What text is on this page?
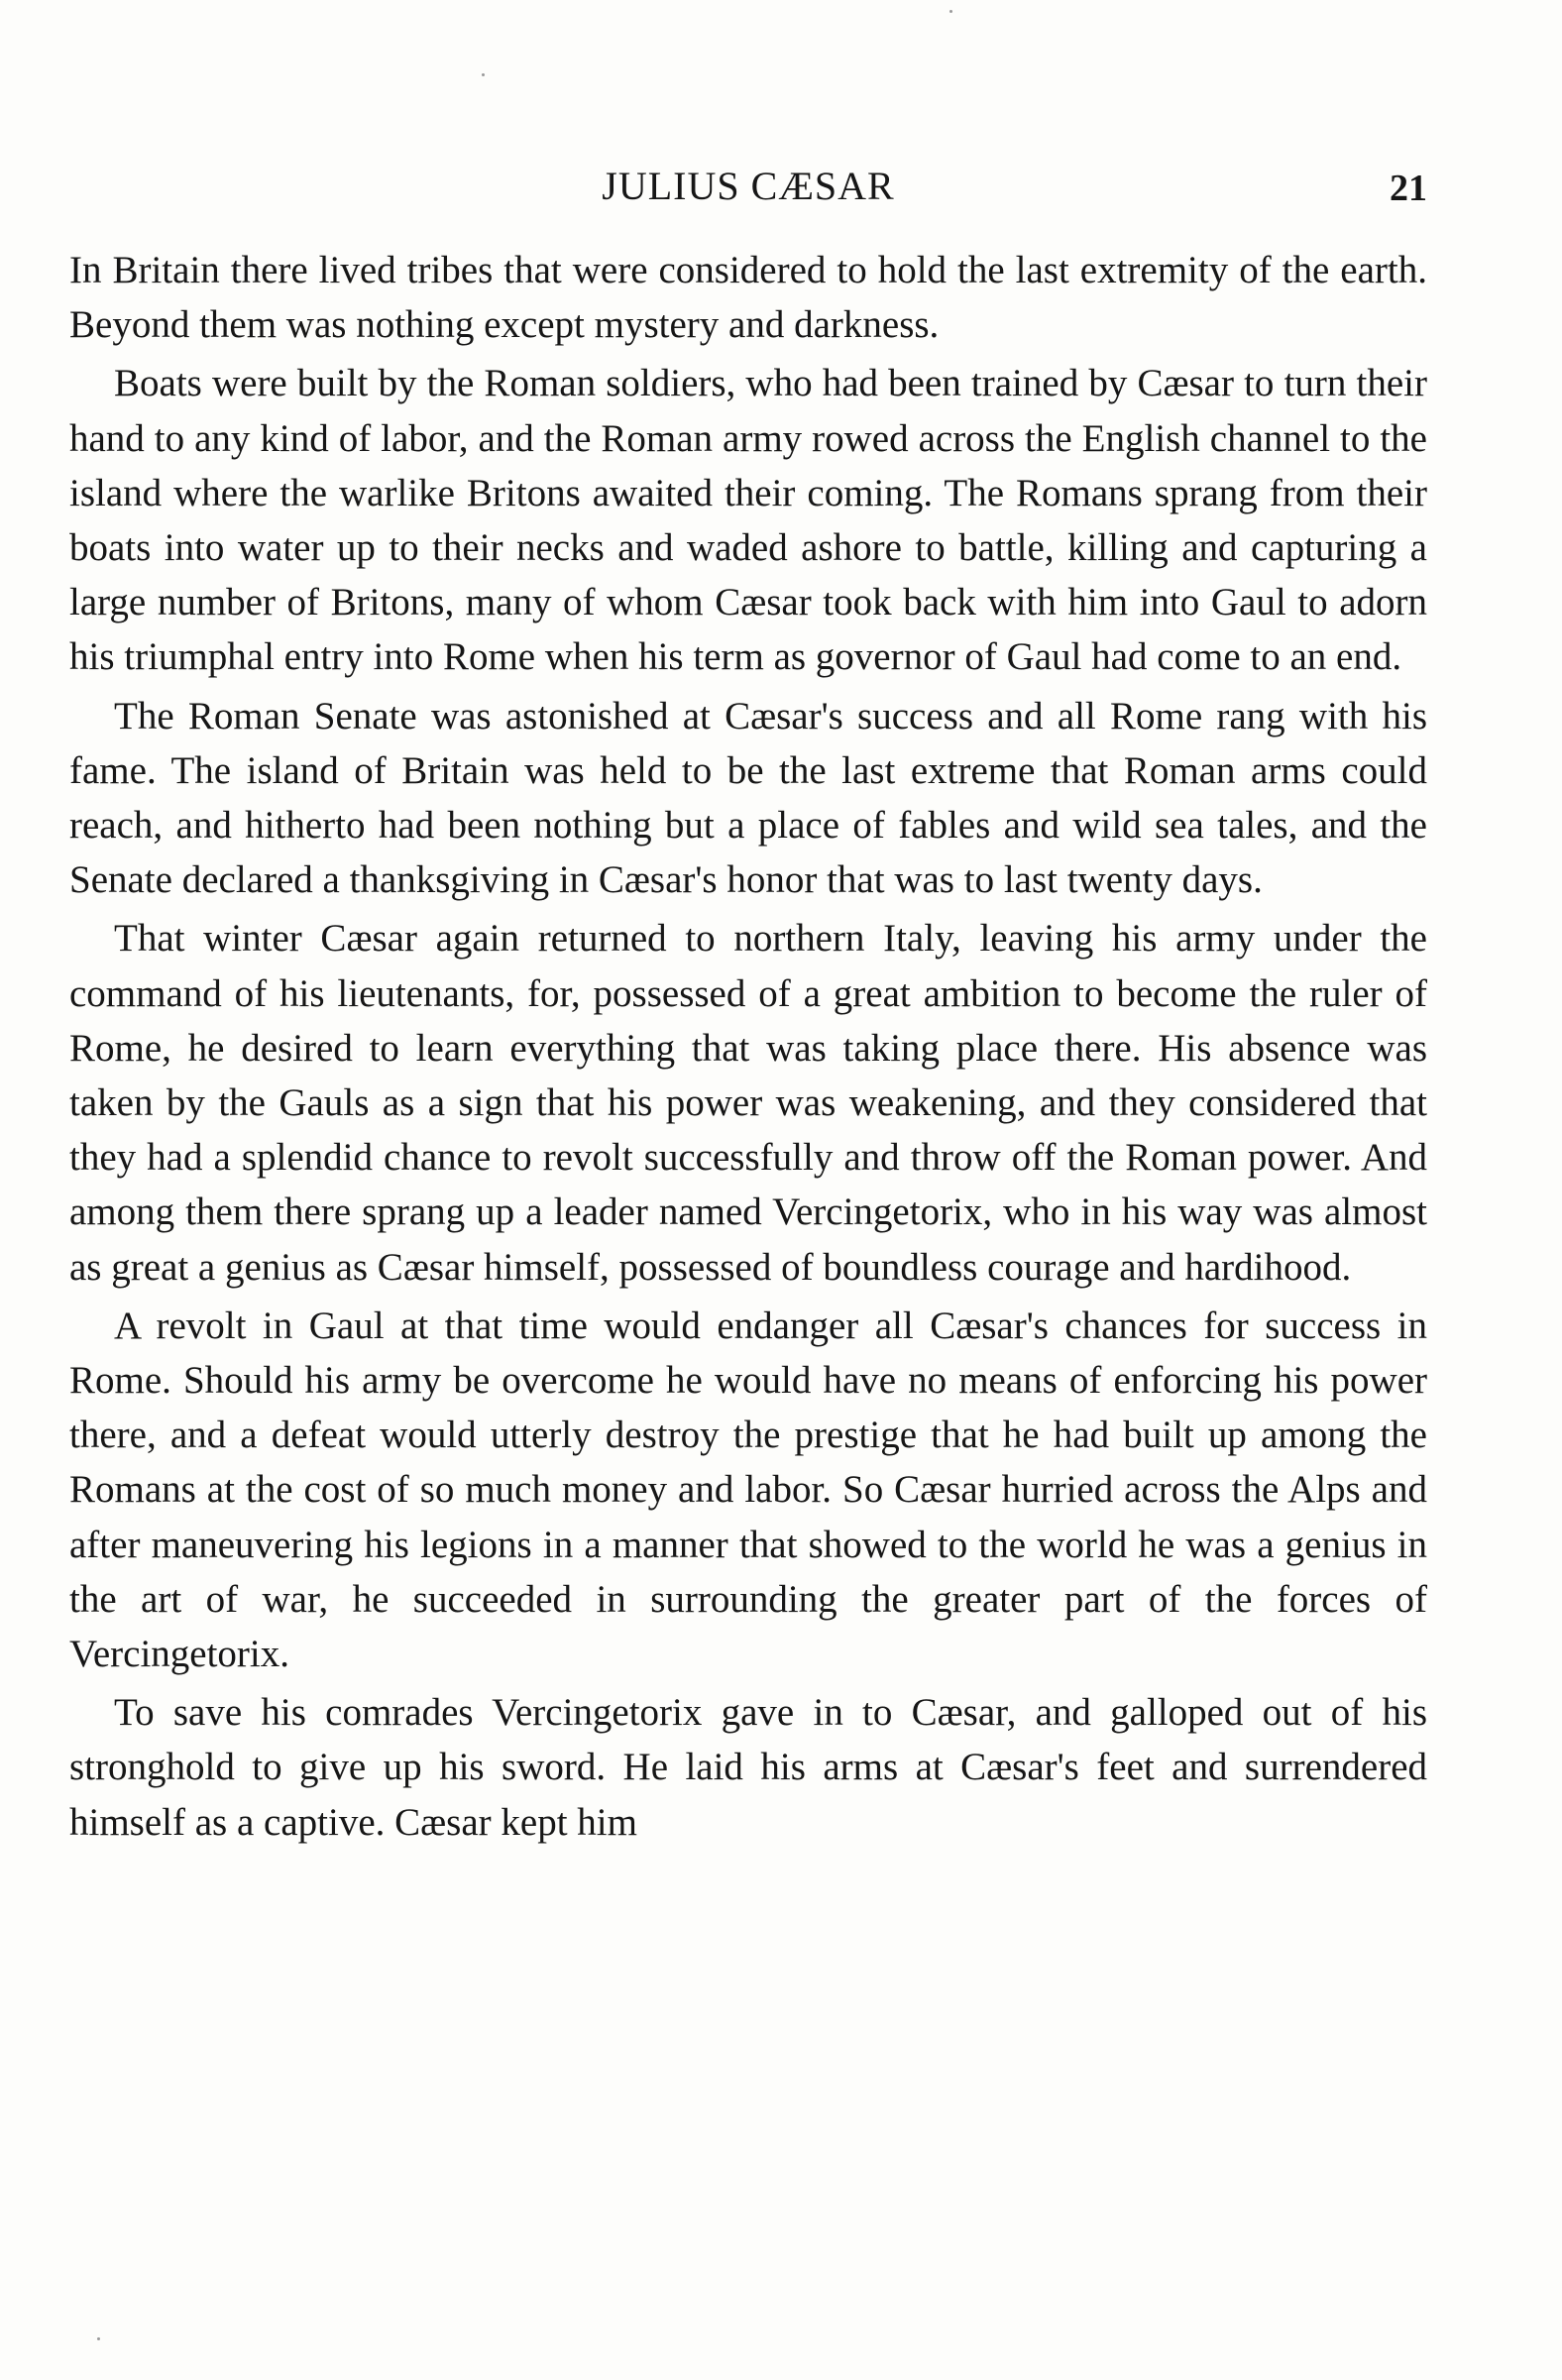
JULIUS CÆSAR	21

In Britain there lived tribes that were considered to hold the last extremity of the earth. Beyond them was nothing except mystery and darkness.

Boats were built by the Roman soldiers, who had been trained by Cæsar to turn their hand to any kind of labor, and the Roman army rowed across the English channel to the island where the warlike Britons awaited their coming. The Romans sprang from their boats into water up to their necks and waded ashore to battle, killing and capturing a large number of Britons, many of whom Cæsar took back with him into Gaul to adorn his triumphal entry into Rome when his term as governor of Gaul had come to an end.

The Roman Senate was astonished at Cæsar's success and all Rome rang with his fame. The island of Britain was held to be the last extreme that Roman arms could reach, and hitherto had been nothing but a place of fables and wild sea tales, and the Senate declared a thanksgiving in Cæsar's honor that was to last twenty days.

That winter Cæsar again returned to northern Italy, leaving his army under the command of his lieutenants, for, possessed of a great ambition to become the ruler of Rome, he desired to learn everything that was taking place there. His absence was taken by the Gauls as a sign that his power was weakening, and they considered that they had a splendid chance to revolt successfully and throw off the Roman power. And among them there sprang up a leader named Vercingetorix, who in his way was almost as great a genius as Cæsar himself, possessed of boundless courage and hardihood.

A revolt in Gaul at that time would endanger all Cæsar's chances for success in Rome. Should his army be overcome he would have no means of enforcing his power there, and a defeat would utterly destroy the prestige that he had built up among the Romans at the cost of so much money and labor. So Cæsar hurried across the Alps and after maneuvering his legions in a manner that showed to the world he was a genius in the art of war, he succeeded in surrounding the greater part of the forces of Vercingetorix.

To save his comrades Vercingetorix gave in to Cæsar, and galloped out of his stronghold to give up his sword. He laid his arms at Cæsar's feet and surrendered himself as a captive. Cæsar kept him
